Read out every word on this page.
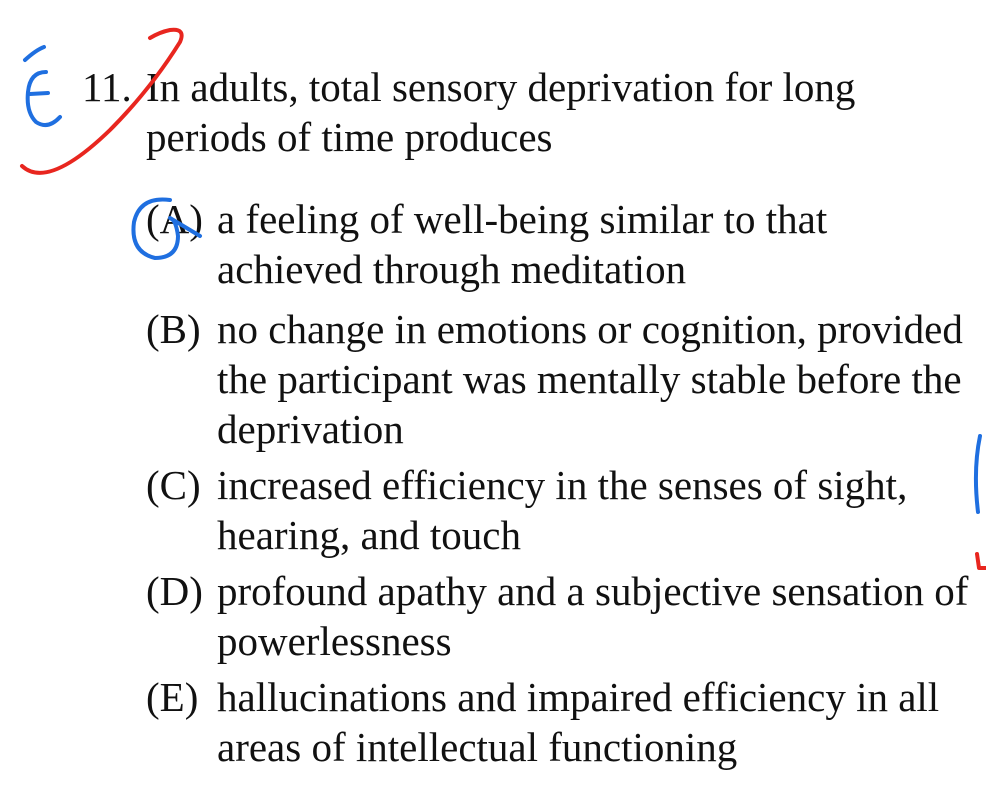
11. In adults, total sensory deprivation for long periods of time produces
(A) a feeling of well-being similar to that achieved through meditation
(B) no change in emotions or cognition, provided the participant was mentally stable before the deprivation
(C) increased efficiency in the senses of sight, hearing, and touch
(D) profound apathy and a subjective sensation of powerlessness
(E) hallucinations and impaired efficiency in all areas of intellectual functioning
